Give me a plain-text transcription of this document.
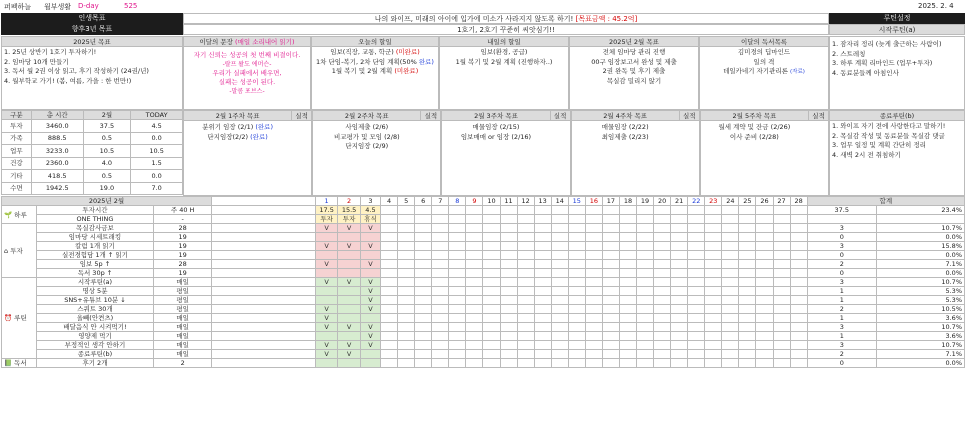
퍼펙하늘 월부생활 D-day	525	2025. 2. 4
인생목표	나의 와이프, 미래의 아이에 입가에 미소가 사라지지 않도록 하기! [목표금액 : 45.2억]	루틴설정
향후3년 목표	1호기, 2호기 꾸준히 씨앗심기!!	시작루틴(a)
2025년 목표
1. 25년 상반기 1호기 투자하기!
2. 임마당 10개 만들기
3. 독서 월 2권 이상 읽고, 후기 작성하기 (24권/년)
4. 월부학교 가기! (봄, 여름, 가을 : 한 번만!)
이달의 문장 (매일 소리내어 읽기)
자기 신뢰는 성공의 첫 번째 비결이다.
-랄프 왈도 에머슨-
우리가 실패에서 배우면,
실패는 성공이 된다.
-말콤 포브스-
오늘의 할일
임보(직장, 교통, 학군) (미완료)
1차 단임-복기, 2차 단임 계획(50% 완료)
1월 복기 및 2월 계획 (미완료)
내일의 할일
임보(환경, 공급)
1월 복기 및 2월 계획 (진행하자..)
2025년 2월 목표
전체 임마당 관리 진행
00구 임장보고서 완성 및 제출
2권 완독 및 후기 제출
목실감 밀리지 않기
이달의 독서목록
김미경의 딥마인드
일의 격
데일카네기 자기관리론 (자료)
1. 잠자리 정리 (늦게 출근하는 사람이)
2. 스트레칭
3. 하루 계획 리마인드 (업무+투자)
4. 동료분들께 아침인사
종료루틴(b)
1. 와이프 자기 전에 사랑한다고 말하기!
2. 목실감 작성 및 동료분들 목실감 댓글
3. 업무 일정 및 계획 간단히 정리
4. 새벽 2시 전 취침하기
구분	총 시간	2월	TODAY
투자	3460.0	37.5	4.5
가족	888.5	0.5	0.0
업무	3233.0	10.5	10.5
건강	2360.0	4.0	1.5
기타	418.5	0.5	0.0
수면	1942.5	19.0	7.0
2월 1주차 목표	실적
분위기 임장 (2/1) (완료)
단지임장(2/2) (완료)
2월 2주차 목표	실적
사임제출 (2/6)
비교평가 및 모임 (2/8)
단지임장 (2/9)
2월 3주차 목표	실적
매물임장 (2/15)
임보매매 or 임장 (2/16)
2월 4주차 목표	실적
매물임장 (2/22)
최임제출 (2/23)
2월 5주차 목표	실적
월세 계약 및 잔금 (2/26)
이사 준비 (2/28)
2025년 2월				1	2	3	4	5	6	7	8	9	10	11	12	13	14	15	16	17	18	19	20	21	22	23	24	25	26	27	28	합계	
🌱 하루	투자시간	주 40 H		17.5	15.5	4.5																										37.5	23.4%
	ONE THING	-		투자	투자	휴식																											
⌂ 투자	목실감사금보	28		V	V	V																										3	10.7%
	임마당 시세트래킹	19																														0	0.0%
	칼럼 1개 읽기	19		V	V	V																										3	15.8%
	실전경험담 1개 ↑ 읽기	19																														0	0.0%
	임보 5p ↑	28		V		V																										2	7.1%
	독서 30p ↑	19																														0	0.0%
⏰ 루틴	시작루틴(a)	매일		V	V	V																										3	10.7%
	명상 5분	평일				V																										1	5.3%
	SNS+유튜브 10분 ↓	평일				V																										1	5.3%
	스쿼트 30개	평일		V		V																										2	10.5%
	올빼(안켠츠)	매일		V																												1	3.6%
	배달음식 안 시켜먹기!	매일		V	V	V																										3	10.7%
	영양제 먹기	매일				V																										1	3.6%
	부정적인 생각 안하기	매일		V	V	V																										3	10.7%
	종료루틴(b)	매일		V	V																											2	7.1%
📗 독서	후기 2개	2																														0	0.0%
